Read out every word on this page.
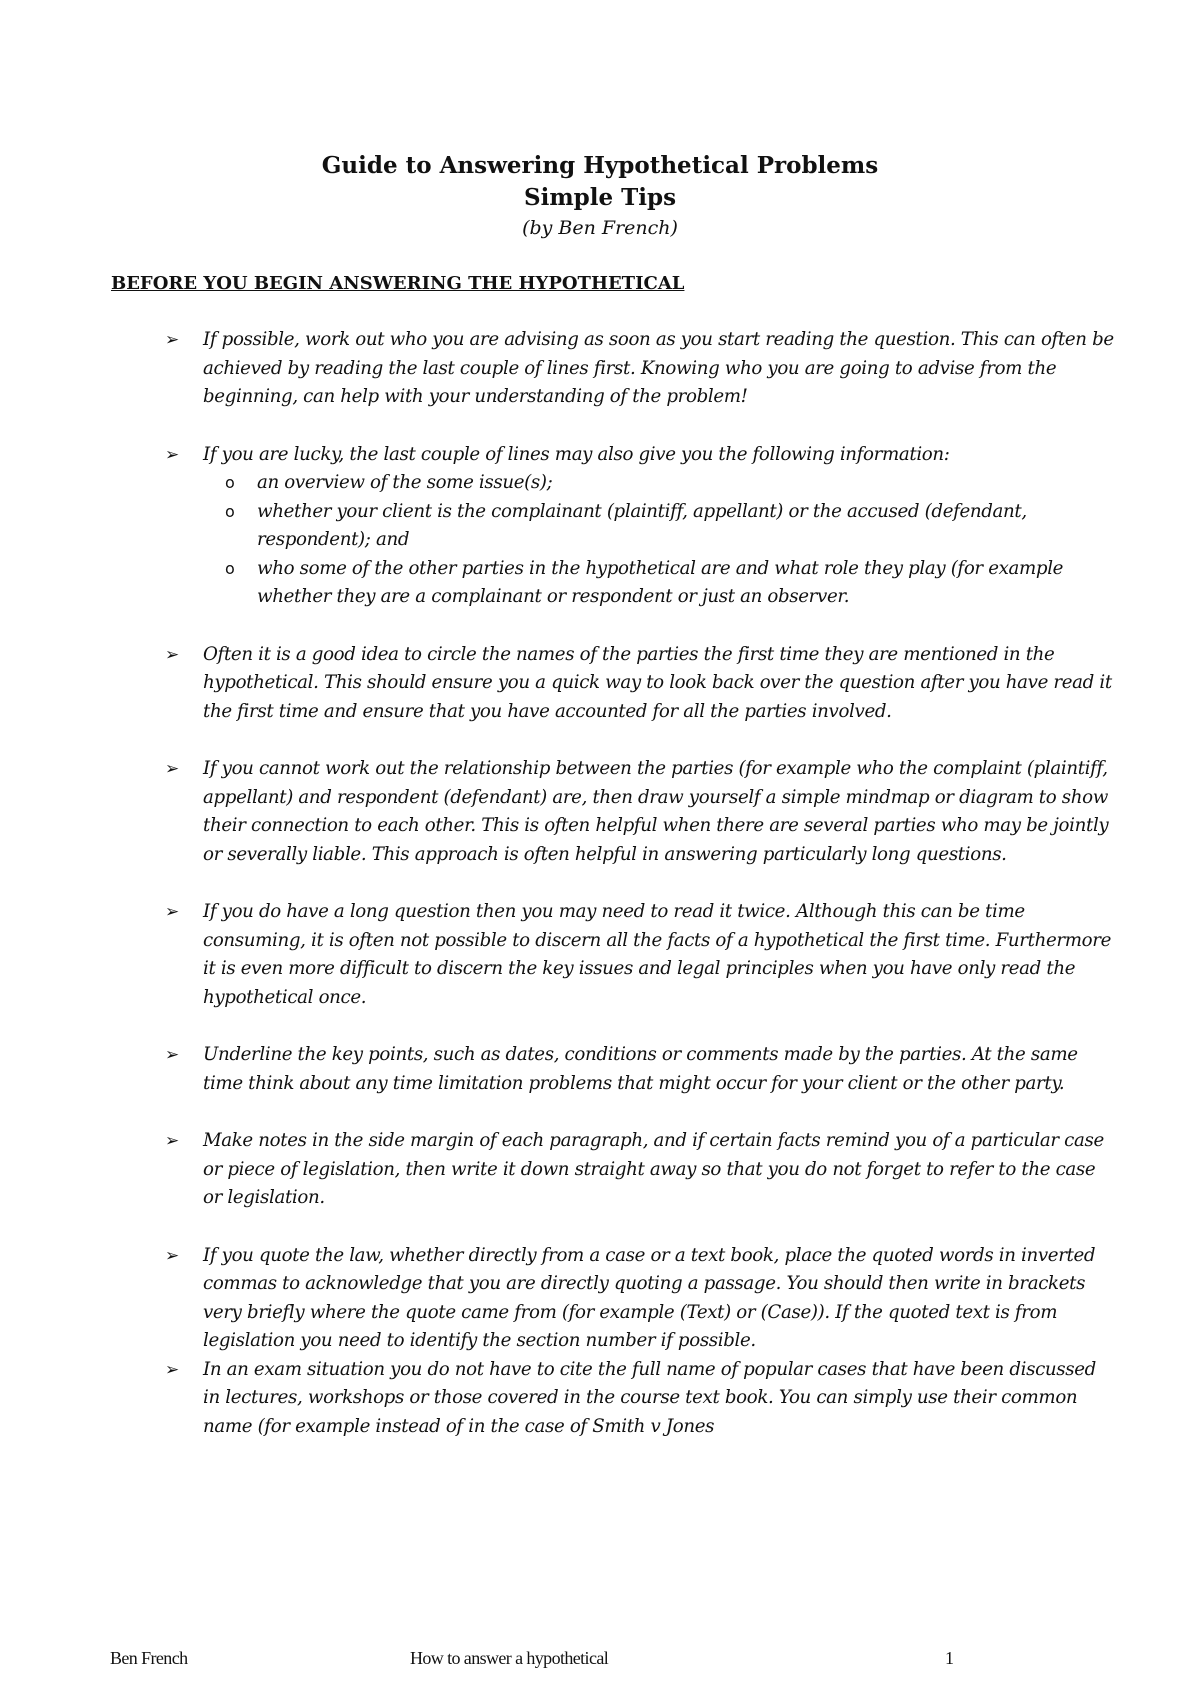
Guide to Answering Hypothetical Problems

Simple Tips

(by Ben French)

BEFORE YOU BEGIN ANSWERING THE HYPOTHETICAL

➢ If possible, work out who you are advising as soon as you start reading the question. This can often be achieved by reading the last couple of lines first. Knowing who you are going to advise from the beginning, can help with your understanding of the problem!
➢ If you are lucky, the last couple of lines may also give you the following information:
o an overview of the some issue(s);
o whether your client is the complainant (plaintiff, appellant) or the accused (defendant, respondent); and
o who some of the other parties in the hypothetical are and what role they play (for example whether they are a complainant or respondent or just an observer.
➢ Often it is a good idea to circle the names of the parties the first time they are mentioned in the hypothetical. This should ensure you a quick way to look back over the question after you have read it the first time and ensure that you have accounted for all the parties involved.
➢ If you cannot work out the relationship between the parties (for example who the complaint (plaintiff, appellant) and respondent (defendant) are, then draw yourself a simple mindmap or diagram to show their connection to each other. This is often helpful when there are several parties who may be jointly or severally liable. This approach is often helpful in answering particularly long questions.
➢ If you do have a long question then you may need to read it twice. Although this can be time consuming, it is often not possible to discern all the facts of a hypothetical the first time. Furthermore it is even more difficult to discern the key issues and legal principles when you have only read the hypothetical once.
➢ Underline the key points, such as dates, conditions or comments made by the parties. At the same time think about any time limitation problems that might occur for your client or the other party.
➢ Make notes in the side margin of each paragraph, and if certain facts remind you of a particular case or piece of legislation, then write it down straight away so that you do not forget to refer to the case or legislation.
➢ If you quote the law, whether directly from a case or a text book, place the quoted words in inverted commas to acknowledge that you are directly quoting a passage. You should then write in brackets very briefly where the quote came from (for example (Text) or (Case)). If the quoted text is from legislation you need to identify the section number if possible.
➢ In an exam situation you do not have to cite the full name of popular cases that have been discussed in lectures, workshops or those covered in the course text book. You can simply use their common name (for example instead of in the case of Smith v Jones
Ben French	How to answer a hypothetical	1
